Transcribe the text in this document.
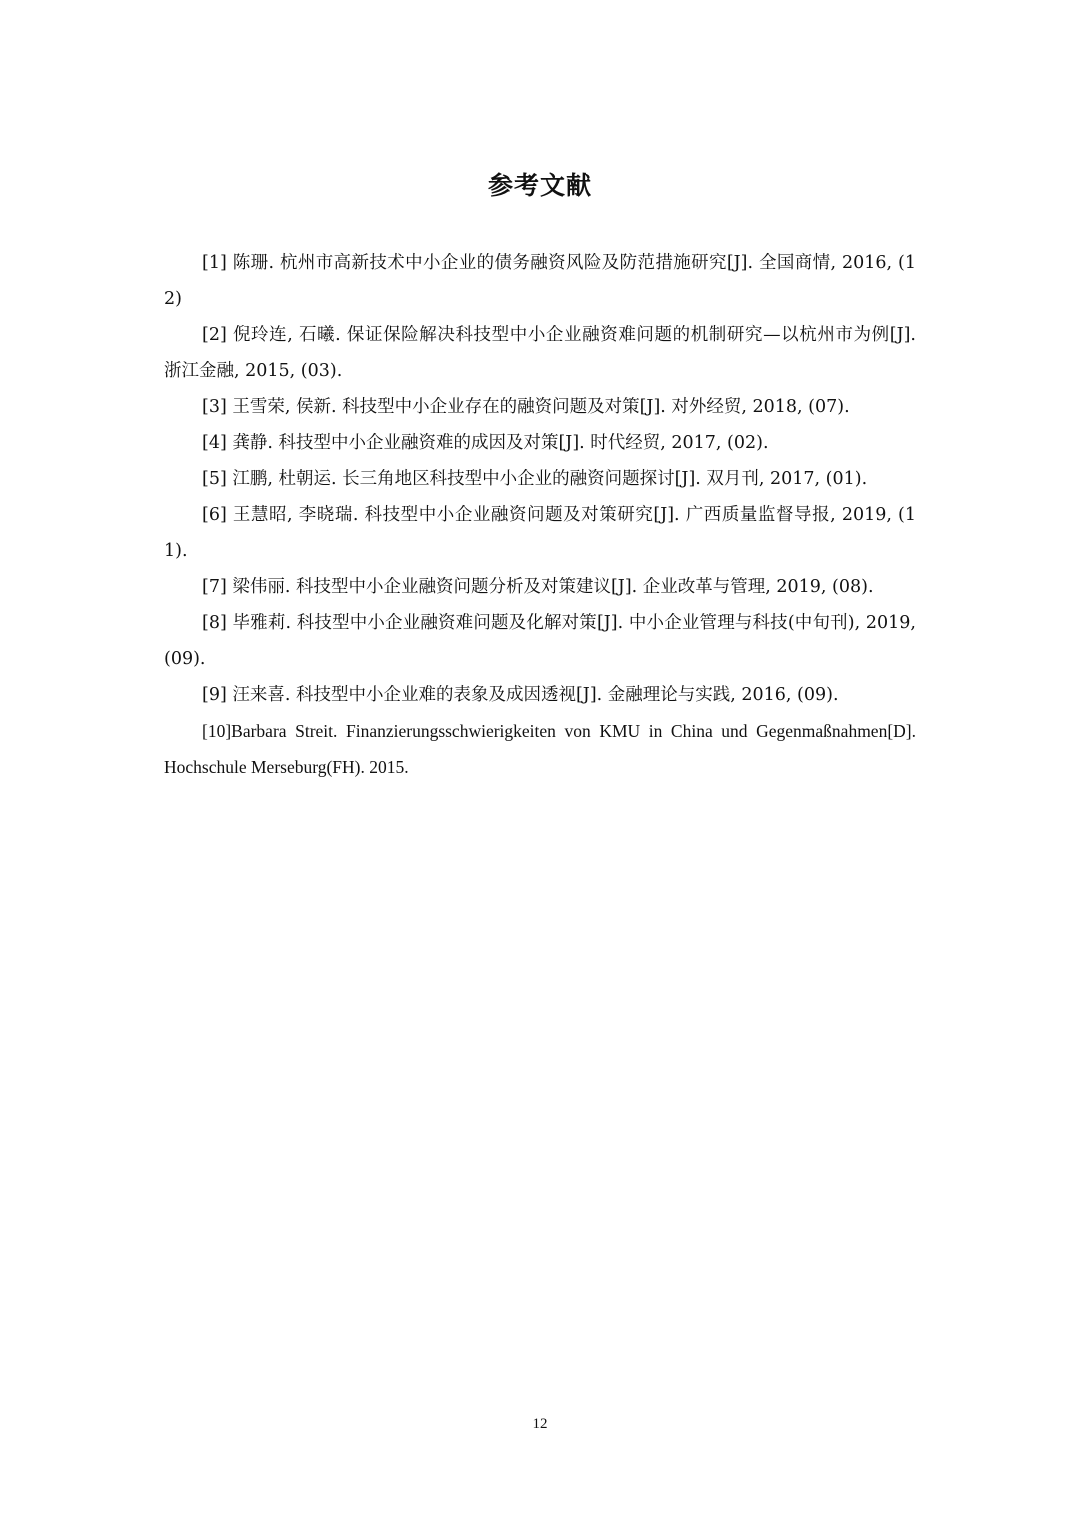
参考文献
[1] 陈珊. 杭州市高新技术中小企业的债务融资风险及防范措施研究[J]. 全国商情, 2016, (12)
[2] 倪玲连, 石曦. 保证保险解决科技型中小企业融资难问题的机制研究—以杭州市为例[J]. 浙江金融, 2015, (03).
[3] 王雪荣, 侯新. 科技型中小企业存在的融资问题及对策[J]. 对外经贸, 2018, (07).
[4] 龚静. 科技型中小企业融资难的成因及对策[J]. 时代经贸, 2017, (02).
[5] 江鹏, 杜朝运. 长三角地区科技型中小企业的融资问题探讨[J]. 双月刊, 2017, (01).
[6] 王慧昭, 李晓瑞. 科技型中小企业融资问题及对策研究[J]. 广西质量监督导报, 2019, (11).
[7] 梁伟丽. 科技型中小企业融资问题分析及对策建议[J]. 企业改革与管理, 2019, (08).
[8] 毕雅莉. 科技型中小企业融资难问题及化解对策[J]. 中小企业管理与科技(中旬刊), 2019, (09).
[9] 汪来喜. 科技型中小企业难的表象及成因透视[J]. 金融理论与实践, 2016, (09).
[10]Barbara Streit. Finanzierungsschwierigkeiten von KMU in China und Gegenmaßnahmen[D]. Hochschule Merseburg(FH). 2015.
12
